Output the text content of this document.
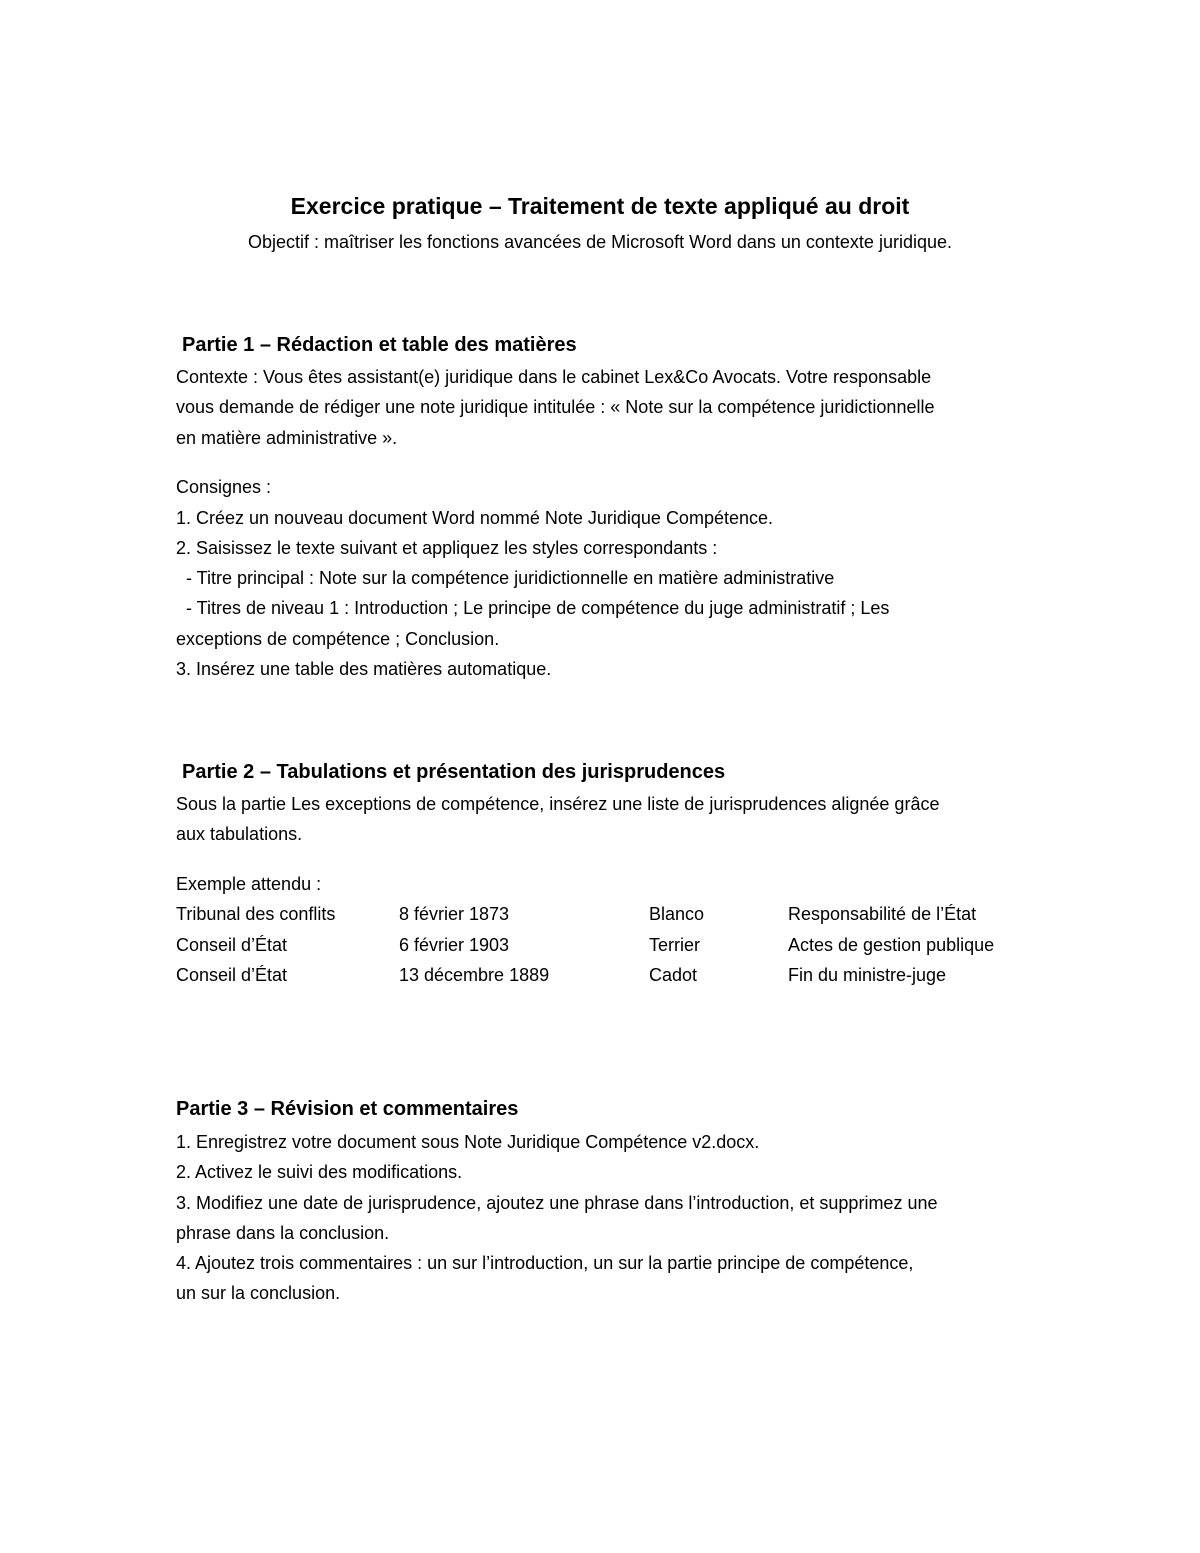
Exercice pratique – Traitement de texte appliqué au droit
Objectif : maîtriser les fonctions avancées de Microsoft Word dans un contexte juridique.
Partie 1 – Rédaction et table des matières
Contexte : Vous êtes assistant(e) juridique dans le cabinet Lex&Co Avocats. Votre responsable
vous demande de rédiger une note juridique intitulée : « Note sur la compétence juridictionnelle
en matière administrative ».
Consignes :
1. Créez un nouveau document Word nommé Note Juridique Compétence.
2. Saisissez le texte suivant et appliquez les styles correspondants :
- Titre principal : Note sur la compétence juridictionnelle en matière administrative
- Titres de niveau 1 : Introduction ; Le principe de compétence du juge administratif ; Les
exceptions de compétence ; Conclusion.
3. Insérez une table des matières automatique.
Partie 2 – Tabulations et présentation des jurisprudences
Sous la partie Les exceptions de compétence, insérez une liste de jurisprudences alignée grâce
aux tabulations.
Exemple attendu :
Tribunal des conflits	8 février 1873	Blanco	Responsabilité de l’État
Conseil d’État	6 février 1903	Terrier	Actes de gestion publique
Conseil d’État	13 décembre 1889	Cadot	Fin du ministre-juge
Partie 3 – Révision et commentaires
1. Enregistrez votre document sous Note Juridique Compétence v2.docx.
2. Activez le suivi des modifications.
3. Modifiez une date de jurisprudence, ajoutez une phrase dans l’introduction, et supprimez une
phrase dans la conclusion.
4. Ajoutez trois commentaires : un sur l’introduction, un sur la partie principe de compétence,
un sur la conclusion.
